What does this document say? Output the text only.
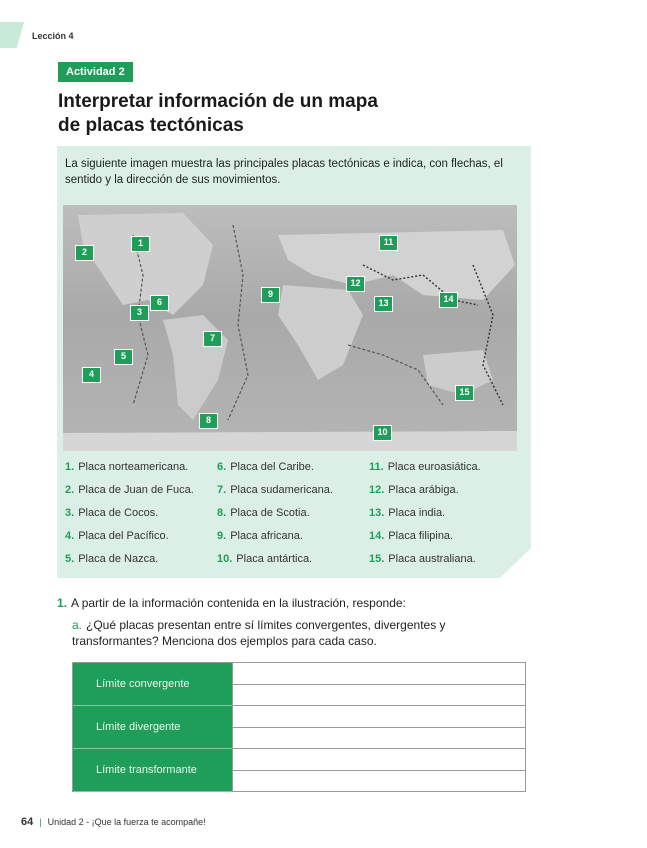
Lección 4
Actividad 2
Interpretar información de un mapa
de placas tectónicas
La siguiente imagen muestra las principales placas tectónicas e indica, con flechas, el sentido y la dirección de sus movimientos.
1
2
3
4
5
6
7
8
9
10
11
12
13	14
15
1. Placa norteamericana.
2. Placa de Juan de Fuca.
3. Placa de Cocos.
4. Placa del Pacífico.
5. Placa de Nazca.
6. Placa del Caribe.
7. Placa sudamericana.
8. Placa de Scotia.
9. Placa africana.
10. Placa antártica.
11. Placa euroasiática.
12. Placa arábiga.
13. Placa india.
14. Placa filipina.
15. Placa australiana.
1. A partir de la información contenida en la ilustración, responde:
a. ¿Qué placas presentan entre sí límites convergentes, divergentes y transformantes? Menciona dos ejemplos para cada caso.
Límite convergente
Límite divergente
Límite transformante
64 | Unidad 2 - ¡Que la fuerza te acompañe!
